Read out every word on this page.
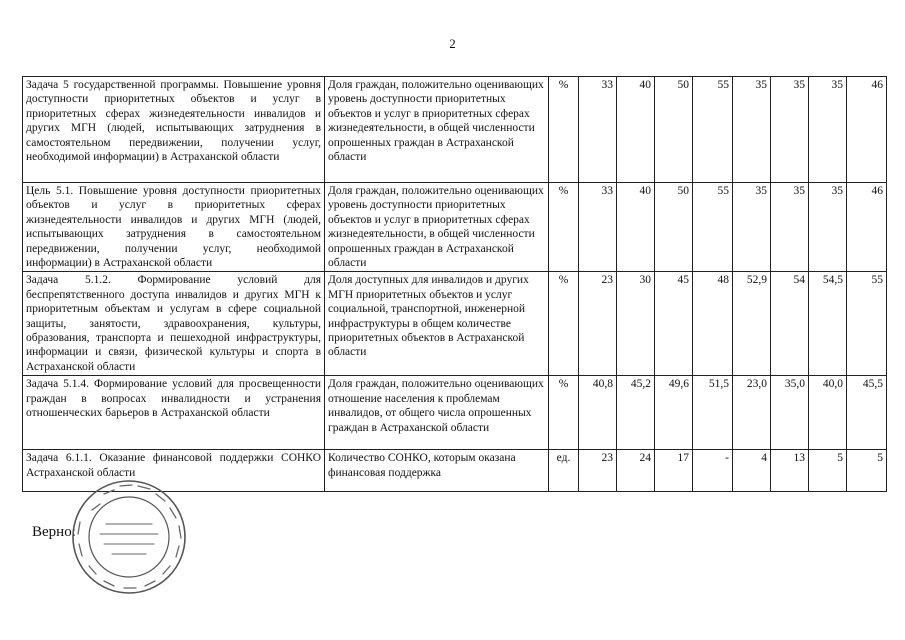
2
Задача 5 государственной программы. Повышение уровня доступности приоритетных объектов и услуг в приоритетных сферах жизнедеятельности инвалидов и других МГН (людей, испытывающих затруднения в самостоятельном передвижении, получении услуг, необходимой информации) в Астраханской области	Доля граждан, положительно оценивающих уровень доступности приоритетных объектов и услуг в приоритетных сферах жизнедеятельности, в общей численности опрошенных граждан в Астраханской области	%	33	40	50	55	35	35	35	46
Цель 5.1. Повышение уровня доступности приоритетных объектов и услуг в приоритетных сферах жизнедеятельности инвалидов и других МГН (людей, испытывающих затруднения в самостоятельном передвижении, получении услуг, необходимой информации) в Астраханской области	Доля граждан, положительно оценивающих уровень доступности приоритетных объектов и услуг в приоритетных сферах жизнедеятельности, в общей численности опрошенных граждан в Астраханской области	%	33	40	50	55	35	35	35	46
Задача 5.1.2. Формирование условий для беспрепятственного доступа инвалидов и других МГН к приоритетным объектам и услугам в сфере социальной защиты, занятости, здравоохранения, культуры, образования, транспорта и пешеходной инфраструктуры, информации и связи, физической культуры и спорта в Астраханской области	Доля доступных для инвалидов и других МГН приоритетных объектов и услуг социальной, транспортной, инженерной инфраструктуры в общем количестве приоритетных объектов в Астраханской области	%	23	30	45	48	52,9	54	54,5	55
Задача 5.1.4. Формирование условий для просвещенности граждан в вопросах инвалидности и устранения отношенческих барьеров в Астраханской области	Доля граждан, положительно оценивающих отношение населения к проблемам инвалидов, от общего числа опрошенных граждан в Астраханской области	%	40,8	45,2	49,6	51,5	23,0	35,0	40,0	45,5
Задача 6.1.1. Оказание финансовой поддержки СОНКО Астраханской области	Количество СОНКО, которым оказана финансовая поддержка	ед.	23	24	17	-	4	13	5	5
Верно:
